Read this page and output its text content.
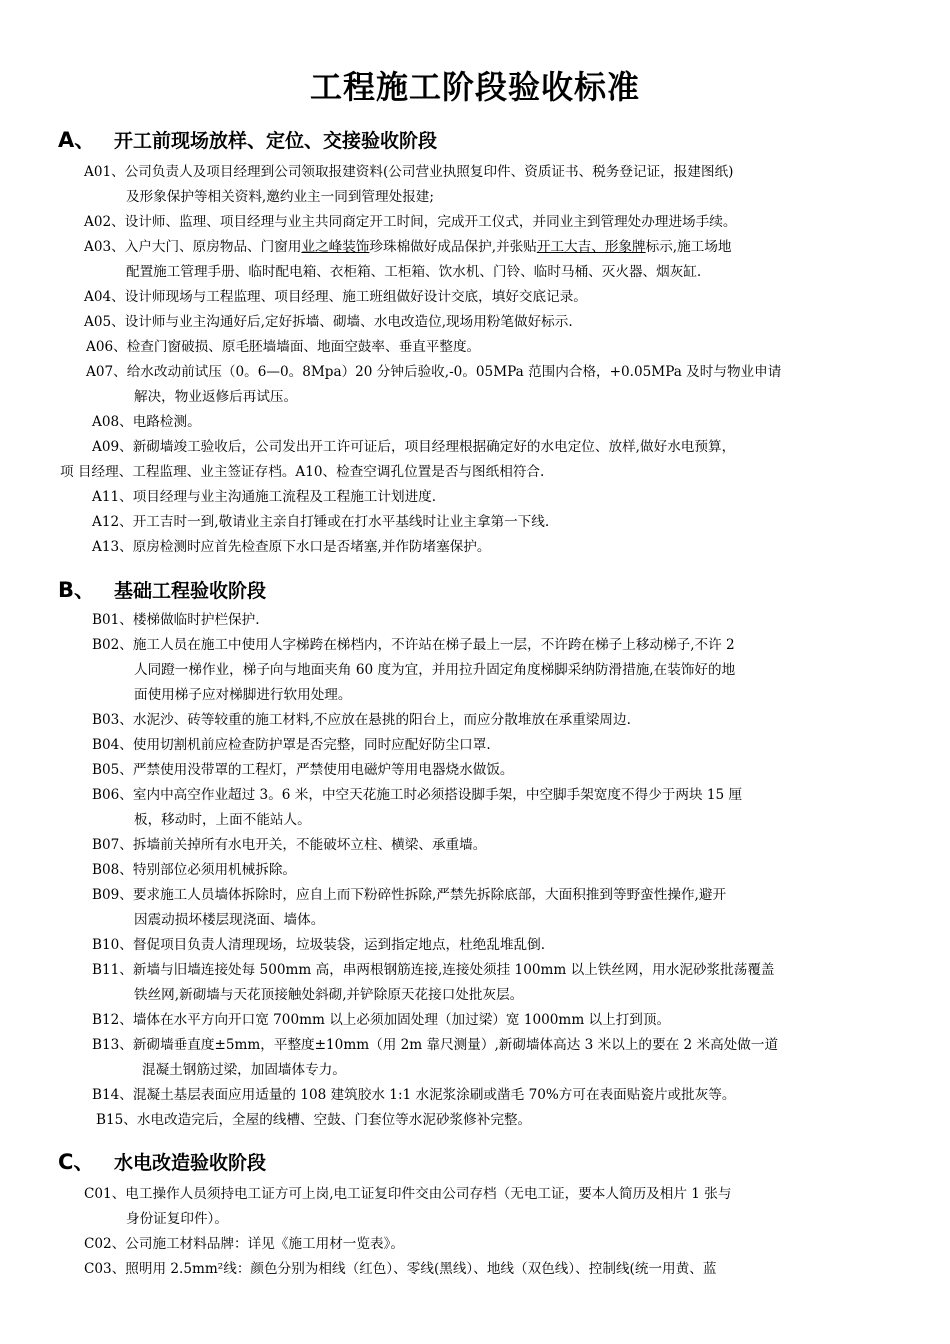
工程施工阶段验收标准
A、 开工前现场放样、定位、交接验收阶段
A01、公司负责人及项目经理到公司领取报建资料(公司营业执照复印件、资质证书、税务登记证，报建图纸)
及形象保护等相关资料,邀约业主一同到管理处报建;
A02、设计师、监理、项目经理与业主共同商定开工时间，完成开工仪式，并同业主到管理处办理进场手续。
A03、入户大门、原房物品、门窗用业之峰装饰珍珠棉做好成品保护,并张贴开工大吉、形象牌标示,施工场地
配置施工管理手册、临时配电箱、衣柜箱、工柜箱、饮水机、门铃、临时马桶、灭火器、烟灰缸.
A04、设计师现场与工程监理、项目经理、施工班组做好设计交底，填好交底记录。
A05、设计师与业主沟通好后,定好拆墙、砌墙、水电改造位,现场用粉笔做好标示.
A06、检查门窗破损、原毛胚墙墙面、地面空鼓率、垂直平整度。
A07、给水改动前试压（0。6—0。8Mpa）20 分钟后验收,-0。05MPa 范围内合格，+0.05MPa 及时与物业申请
解决，物业返修后再试压。
A08、电路检测。
A09、新砌墙竣工验收后，公司发出开工许可证后，项目经理根据确定好的水电定位、放样,做好水电预算，
项 目经理、工程监理、业主签证存档。A10、检查空调孔位置是否与图纸相符合.
A11、项目经理与业主沟通施工流程及工程施工计划进度.
A12、开工吉时一到,敬请业主亲自打锤或在打水平基线时让业主拿第一下线.
A13、原房检测时应首先检查原下水口是否堵塞,并作防堵塞保护。
B、 基础工程验收阶段
B01、楼梯做临时护栏保护.
B02、施工人员在施工中使用人字梯跨在梯档内，不许站在梯子最上一层，不许跨在梯子上移动梯子,不许 2
人同蹬一梯作业，梯子向与地面夹角 60 度为宜，并用拉升固定角度梯脚采纳防滑措施,在装饰好的地
面使用梯子应对梯脚进行软用处理。
B03、水泥沙、砖等较重的施工材料,不应放在悬挑的阳台上，而应分散堆放在承重梁周边.
B04、使用切割机前应检查防护罩是否完整，同时应配好防尘口罩.
B05、严禁使用没带罩的工程灯，严禁使用电磁炉等用电器烧水做饭。
B06、室内中高空作业超过 3。6 米，中空天花施工时必须搭设脚手架，中空脚手架宽度不得少于两块 15 厘
板，移动时，上面不能站人。
B07、拆墙前关掉所有水电开关，不能破坏立柱、横梁、承重墙。
B08、特别部位必须用机械拆除。
B09、要求施工人员墙体拆除时，应自上而下粉碎性拆除,严禁先拆除底部，大面积推到等野蛮性操作,避开
因震动损坏楼层现浇面、墙体。
B10、督促项目负责人清理现场，垃圾装袋，运到指定地点，杜绝乱堆乱倒.
B11、新墙与旧墙连接处每 500mm 高，串两根钢筋连接,连接处须挂 100mm 以上铁丝网，用水泥砂浆批荡覆盖
铁丝网,新砌墙与天花顶接触处斜砌,并铲除原天花接口处批灰层。
B12、墙体在水平方向开口宽 700mm 以上必须加固处理（加过梁）宽 1000mm 以上打到顶。
B13、新砌墙垂直度±5mm，平整度±10mm（用 2m 靠尺测量）,新砌墙体高达 3 米以上的要在 2 米高处做一道
混凝土钢筋过梁，加固墙体专力。
B14、混凝土基层表面应用适量的 108 建筑胶水 1:1 水泥浆涂刷或凿毛 70%方可在表面贴瓷片或批灰等。
B15、水电改造完后，全屋的线槽、空鼓、门套位等水泥砂浆修补完整。
C、 水电改造验收阶段
C01、电工操作人员须持电工证方可上岗,电工证复印件交由公司存档（无电工证，要本人简历及相片 1 张与
身份证复印件）。
C02、公司施工材料品牌：详见《施工用材一览表》。
C03、照明用 2.5mm²线：颜色分别为相线（红色）、零线(黑线）、地线（双色线）、控制线(统一用黄、蓝
